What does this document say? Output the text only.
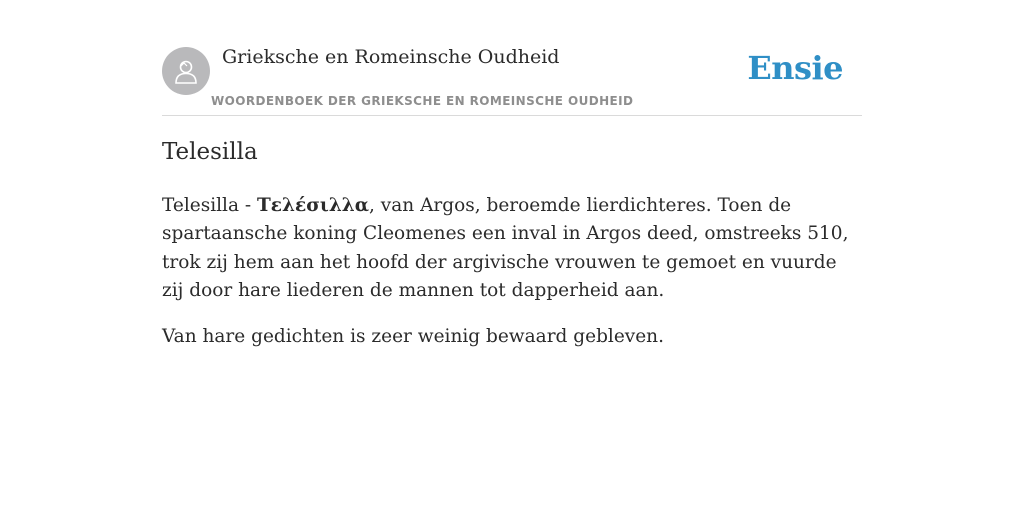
Grieksche en Romeinsche Oudheid
WOORDENBOEK DER GRIEKSCHE EN ROMEINSCHE OUDHEID
Ensie
Telesilla

Telesilla - Τελέσιλλα, van Argos, beroemde lierdichteres. Toen de spartaansche koning Cleomenes een inval in Argos deed, omstreeks 510, trok zij hem aan het hoofd der argivische vrouwen te gemoet en vuurde zij door hare liederen de mannen tot dapperheid aan.

Van hare gedichten is zeer weinig bewaard gebleven.
